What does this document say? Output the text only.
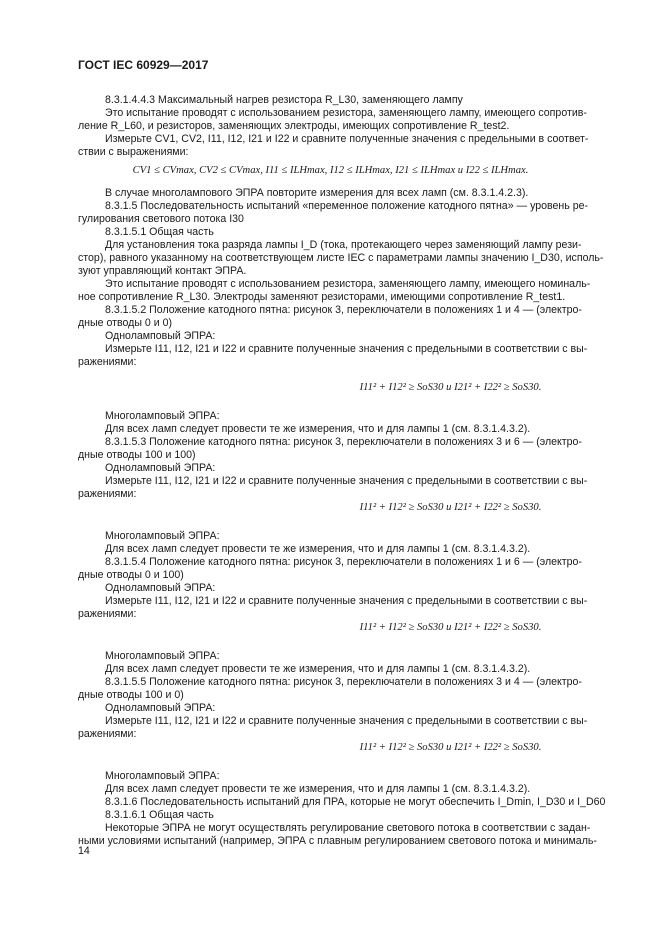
ГОСТ IEC 60929—2017
8.3.1.4.4.3 Максимальный нагрев резистора R_L30, заменяющего лампу
Это испытание проводят с использованием резистора, заменяющего лампу, имеющего сопротив-
ление R_L60, и резисторов, заменяющих электроды, имеющих сопротивление R_test2.
Измерьте CV1, CV2, I11, I12, I21 и I22 и сравните полученные значения с предельными в соответ-
ствии с выражениями:
В случае многолампового ЭПРА повторите измерения для всех ламп (см. 8.3.1.4.2.3).
8.3.1.5 Последовательность испытаний «переменное положение катодного пятна» — уровень ре-
гулирования светового потока I30
8.3.1.5.1 Общая часть
Для установления тока разряда лампы I_D (тока, протекающего через заменяющий лампу рези-
стор), равного указанному на соответствующем листе IEC с параметрами лампы значению I_D30, исполь-
зуют управляющий контакт ЭПРА.
Это испытание проводят с использованием резистора, заменяющего лампу, имеющего номиналь-
ное сопротивление R_L30. Электроды заменяют резисторами, имеющими сопротивление R_test1.
8.3.1.5.2 Положение катодного пятна: рисунок 3, переключатели в положениях 1 и 4 — (электро-
дные отводы 0 и 0)
Одноламповый ЭПРА:
Измерьте I11, I12, I21 и I22 и сравните полученные значения с предельными в соответствии с вы-
ражениями:
Многоламповый ЭПРА:
Для всех ламп следует провести те же измерения, что и для лампы 1 (см. 8.3.1.4.3.2).
8.3.1.5.3 Положение катодного пятна: рисунок 3, переключатели в положениях 3 и 6 — (электро-
дные отводы 100 и 100)
Одноламповый ЭПРА:
Измерьте I11, I12, I21 и I22 и сравните полученные значения с предельными в соответствии с вы-
ражениями:
Многоламповый ЭПРА:
Для всех ламп следует провести те же измерения, что и для лампы 1 (см. 8.3.1.4.3.2).
8.3.1.5.4 Положение катодного пятна: рисунок 3, переключатели в положениях 1 и 6 — (электро-
дные отводы 0 и 100)
Одноламповый ЭПРА:
Измерьте I11, I12, I21 и I22 и сравните полученные значения с предельными в соответствии с вы-
ражениями:
Многоламповый ЭПРА:
Для всех ламп следует провести те же измерения, что и для лампы 1 (см. 8.3.1.4.3.2).
8.3.1.5.5 Положение катодного пятна: рисунок 3, переключатели в положениях 3 и 4 — (электро-
дные отводы 100 и 0)
Одноламповый ЭПРА:
Измерьте I11, I12, I21 и I22 и сравните полученные значения с предельными в соответствии с вы-
ражениями:
Многоламповый ЭПРА:
Для всех ламп следует провести те же измерения, что и для лампы 1 (см. 8.3.1.4.3.2).
8.3.1.6 Последовательность испытаний для ПРА, которые не могут обеспечить I_Dmin, I_D30 и I_D60
8.3.1.6.1 Общая часть
Некоторые ЭПРА не могут осуществлять регулирование светового потока в соответствии с задан-
ными условиями испытаний (например, ЭПРА с плавным регулированием светового потока и минималь-
CV1 ≤ CVmax, CV2 ≤ CVmax, I11 ≤ ILHmax, I12 ≤ ILHmax, I21 ≤ ILHmax и I22 ≤ ILHmax.
I11² + I12² ≥ SoS30 и I21² + I22² ≥ SoS30.
I11² + I12² ≥ SoS30 и I21² + I22² ≥ SoS30.
I11² + I12² ≥ SoS30 и I21² + I22² ≥ SoS30.
I11² + I12² ≥ SoS30 и I21² + I22² ≥ SoS30.
14
